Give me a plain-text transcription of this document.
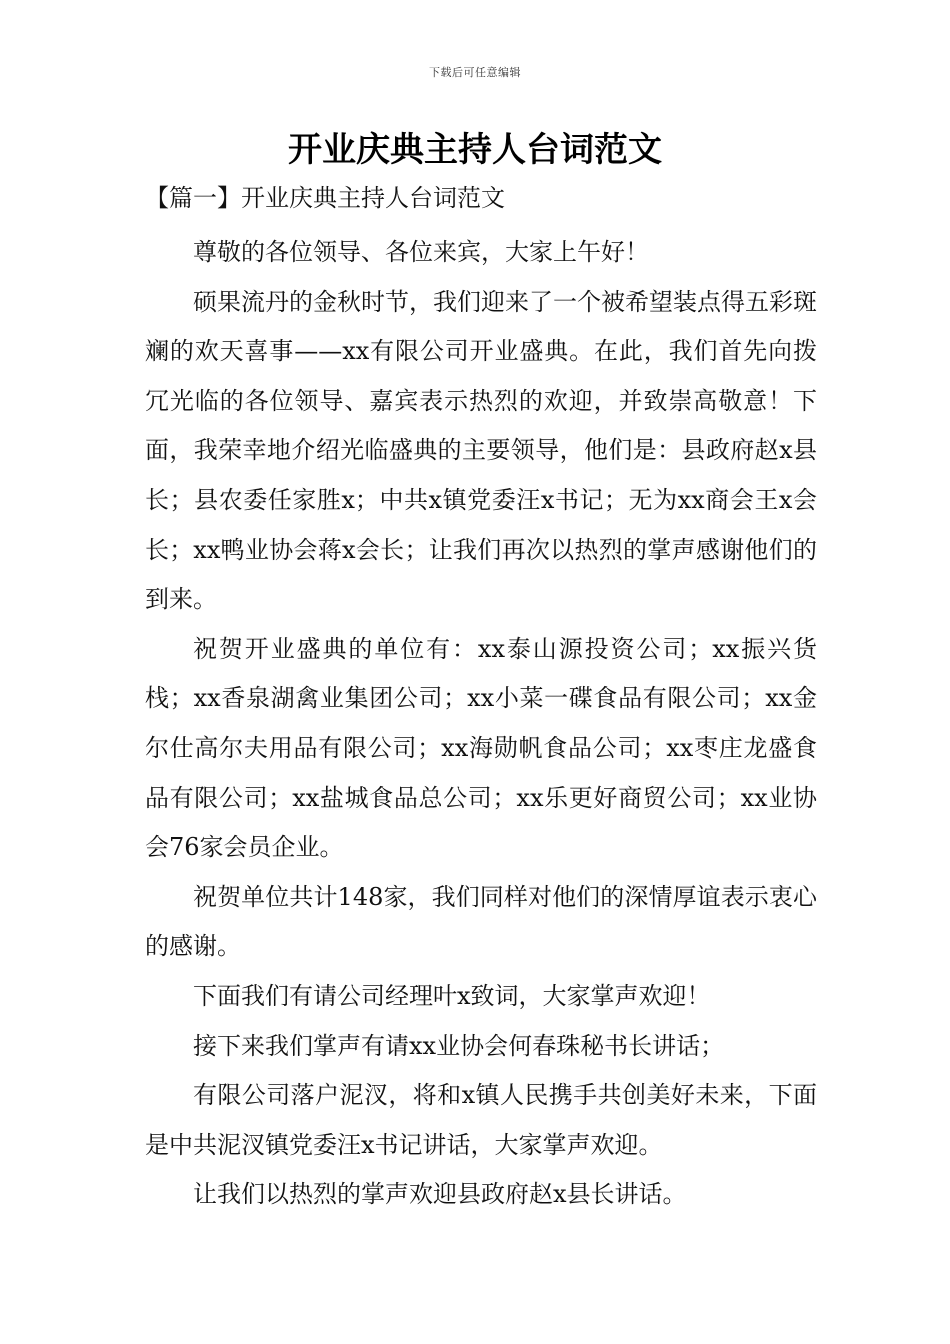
下载后可任意编辑
开业庆典主持人台词范文
【篇一】开业庆典主持人台词范文

尊敬的各位领导、各位来宾，大家上午好！

硕果流丹的金秋时节，我们迎来了一个被希望装点得五彩斑斓的欢天喜事——xx有限公司开业盛典。在此，我们首先向拨冗光临的各位领导、嘉宾表示热烈的欢迎，并致崇高敬意！下面，我荣幸地介绍光临盛典的主要领导，他们是：县政府赵x县长；县农委任家胜x；中共x镇党委汪x书记；无为xx商会王x会长；xx鸭业协会蒋x会长；让我们再次以热烈的掌声感谢他们的到来。

祝贺开业盛典的单位有：xx泰山源投资公司；xx振兴货栈；xx香泉湖禽业集团公司；xx小菜一碟食品有限公司；xx金尔仕高尔夫用品有限公司；xx海勋帆食品公司；xx枣庄龙盛食品有限公司；xx盐城食品总公司；xx乐更好商贸公司；xx业协会76家会员企业。

祝贺单位共计148家，我们同样对他们的深情厚谊表示衷心的感谢。

下面我们有请公司经理叶x致词，大家掌声欢迎！

接下来我们掌声有请xx业协会何春珠秘书长讲话；

有限公司落户泥汊，将和x镇人民携手共创美好未来，下面是中共泥汊镇党委汪x书记讲话，大家掌声欢迎。

让我们以热烈的掌声欢迎县政府赵x县长讲话。
